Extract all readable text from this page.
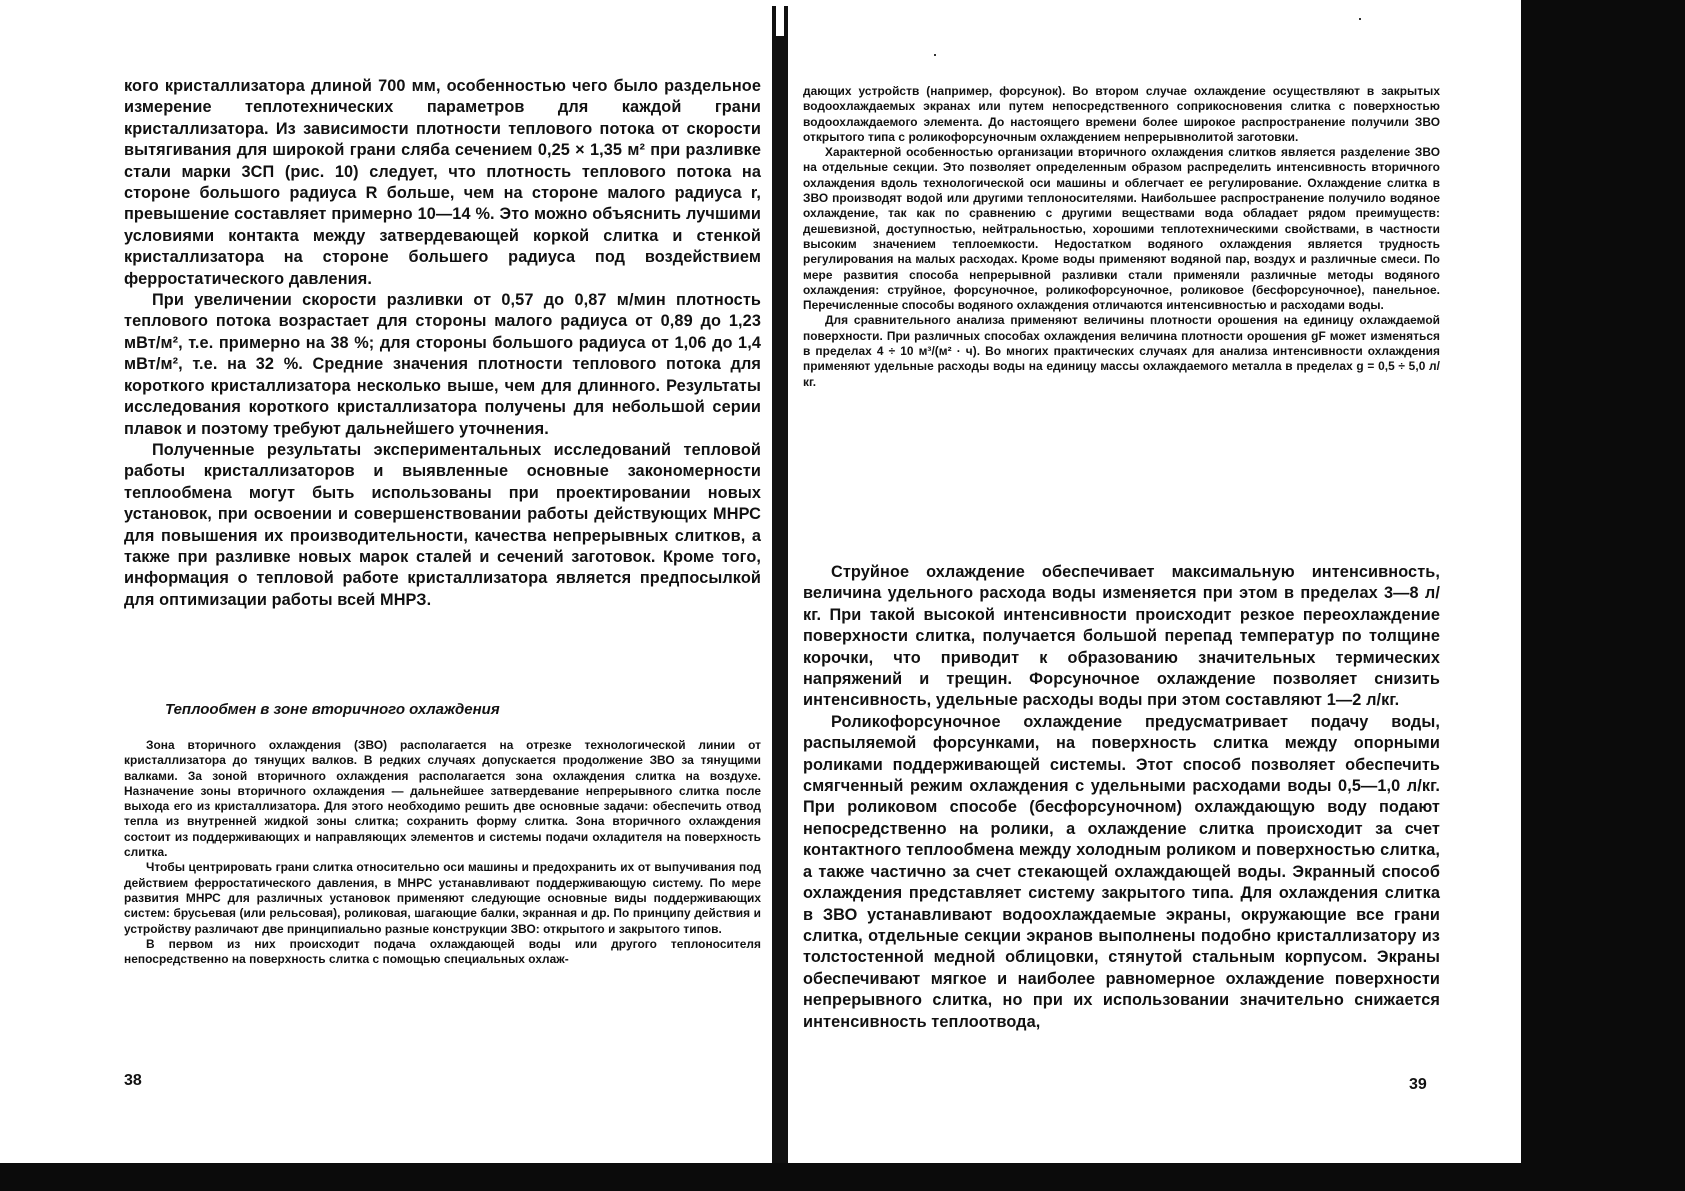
кого кристаллизатора длиной 700 мм, особенностью чего было раздельное измерение теплотехнических параметров для каждой грани кристаллизатора. Из зависимости плотности теплового потока от скорости вытягивания для широкой грани сляба сечением 0,25 × 1,35 м² при разливке стали марки 3СП (рис. 10) следует, что плотность теплового потока на стороне большого радиуса R больше, чем на стороне малого радиуса r, превышение составляет примерно 10—14 %. Это можно объяснить лучшими условиями контакта между затвердевающей коркой слитка и стенкой кристаллизатора на стороне большего радиуса под воздействием ферростатического давления.

При увеличении скорости разливки от 0,57 до 0,87 м/мин плотность теплового потока возрастает для стороны малого радиуса от 0,89 до 1,23 мВт/м², т.е. примерно на 38 %; для стороны большого радиуса от 1,06 до 1,4 мВт/м², т.е. на 32 %. Средние значения плотности теплового потока для короткого кристаллизатора несколько выше, чем для длинного. Результаты исследования короткого кристаллизатора получены для небольшой серии плавок и поэтому требуют дальнейшего уточнения.

Полученные результаты экспериментальных исследований тепловой работы кристаллизаторов и выявленные основные закономерности теплообмена могут быть использованы при проектировании новых установок, при освоении и совершенствовании работы действующих МНРС для повышения их производительности, качества непрерывных слитков, а также при разливке новых марок сталей и сечений заготовок. Кроме того, информация о тепловой работе кристаллизатора является предпосылкой для оптимизации работы всей МНРЗ.

Теплообмен в зоне вторичного охлаждения

Зона вторичного охлаждения (ЗВО) располагается на отрезке технологической линии от кристаллизатора до тянущих валков. В редких случаях допускается продолжение ЗВО за тянущими валками. За зоной вторичного охлаждения располагается зона охлаждения слитка на воздухе. Назначение зоны вторичного охлаждения — дальнейшее затвердевание непрерывного слитка после выхода его из кристаллизатора. Для этого необходимо решить две основные задачи: обеспечить отвод тепла из внутренней жидкой зоны слитка; сохранить форму слитка. Зона вторичного охлаждения состоит из поддерживающих и направляющих элементов и системы подачи охладителя на поверхность слитка.

Чтобы центрировать грани слитка относительно оси машины и предохранить их от выпучивания под действием ферростатического давления, в МНРС устанавливают поддерживающую систему. По мере развития МНРС для различных установок применяют следующие основные виды поддерживающих систем: брусьевая (или рельсовая), роликовая, шагающие балки, экранная и др. По принципу действия и устройству различают две принципиально разные конструкции ЗВО: открытого и закрытого типов.

В первом из них происходит подача охлаждающей воды или другого теплоносителя непосредственно на поверхность слитка с помощью специальных охлаж-

38

дающих устройств (например, форсунок). Во втором случае охлаждение осуществляют в закрытых водоохлаждаемых экранах или путем непосредственного соприкосновения слитка с поверхностью водоохлаждаемого элемента. До настоящего времени более широкое распространение получили ЗВО открытого типа с роликофорсуночным охлаждением непрерывнолитой заготовки.

Характерной особенностью организации вторичного охлаждения слитков является разделение ЗВО на отдельные секции. Это позволяет определенным образом распределить интенсивность вторичного охлаждения вдоль технологической оси машины и облегчает ее регулирование. Охлаждение слитка в ЗВО производят водой или другими теплоносителями. Наибольшее распространение получило водяное охлаждение, так как по сравнению с другими веществами вода обладает рядом преимуществ: дешевизной, доступностью, нейтральностью, хорошими теплотехническими свойствами, в частности высоким значением теплоемкости. Недостатком водяного охлаждения является трудность регулирования на малых расходах. Кроме воды применяют водяной пар, воздух и различные смеси. По мере развития способа непрерывной разливки стали применяли различные методы водяного охлаждения: струйное, форсуночное, роликофорсуночное, роликовое (бесфорсуночное), панельное. Перечисленные способы водяного охлаждения отличаются интенсивностью и расходами воды.

Для сравнительного анализа применяют величины плотности орошения на единицу охлаждаемой поверхности. При различных способах охлаждения величина плотности орошения gF может изменяться в пределах 4 ÷ 10 м³/(м² · ч). Во многих практических случаях для анализа интенсивности охлаждения применяют удельные расходы воды на единицу массы охлаждаемого металла в пределах g = 0,5 ÷ 5,0 л/кг.

Струйное охлаждение обеспечивает максимальную интенсивность, величина удельного расхода воды изменяется при этом в пределах 3—8 л/кг. При такой высокой интенсивности происходит резкое переохлаждение поверхности слитка, получается большой перепад температур по толщине корочки, что приводит к образованию значительных термических напряжений и трещин. Форсуночное охлаждение позволяет снизить интенсивность, удельные расходы воды при этом составляют 1—2 л/кг.

Роликофорсуночное охлаждение предусматривает подачу воды, распыляемой форсунками, на поверхность слитка между опорными роликами поддерживающей системы. Этот способ позволяет обеспечить смягченный режим охлаждения с удельными расходами воды 0,5—1,0 л/кг. При роликовом способе (бесфорсуночном) охлаждающую воду подают непосредственно на ролики, а охлаждение слитка происходит за счет контактного теплообмена между холодным роликом и поверхностью слитка, а также частично за счет стекающей охлаждающей воды. Экранный способ охлаждения представляет систему закрытого типа. Для охлаждения слитка в ЗВО устанавливают водоохлаждаемые экраны, окружающие все грани слитка, отдельные секции экранов выполнены подобно кристаллизатору из толстостенной медной облицовки, стянутой стальным корпусом. Экраны обеспечивают мягкое и наиболее равномерное охлаждение поверхности непрерывного слитка, но при их использовании значительно снижается интенсивность теплоотвода,

39
